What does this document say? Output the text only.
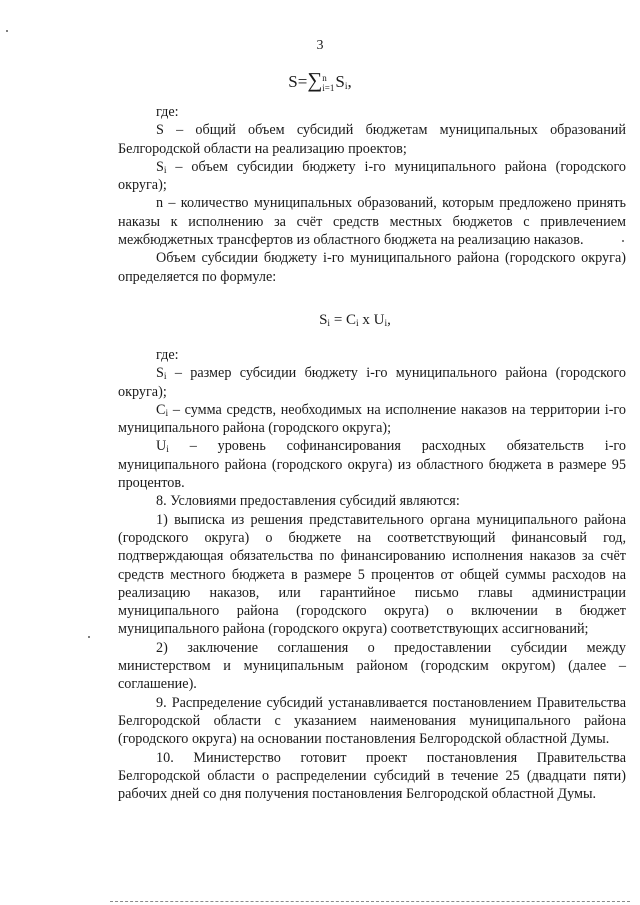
3
S=∑n
$i=1S_i$,

где:

S – общий объем субсидий бюджетам муниципальных образований Белгородской области на реализацию проектов;

$S_i$ – объем субсидии бюджету i-го муниципального района (городского округа);

n – количество муниципальных образований, которым предложено принять наказы к исполнению за счёт средств местных бюджетов с привлечением межбюджетных трансфертов из областного бюджета на реализацию наказов.

Объем субсидии бюджету i-го муниципального района (городского округа) определяется по формуле:

$S_i = C_i$ x $U_i$,

где:

$S_i$ – размер субсидии бюджету i-го муниципального района (городского округа);

$C_i$ – сумма средств, необходимых на исполнение наказов на территории i-го муниципального района (городского округа);

$U_i$ – уровень софинансирования расходных обязательств i-го муниципального района (городского округа) из областного бюджета в размере 95 процентов.

8. Условиями предоставления субсидий являются:

1) выписка из решения представительного органа муниципального района (городского округа) о бюджете на соответствующий финансовый год, подтверждающая обязательства по финансированию исполнения наказов за счёт средств местного бюджета в размере 5 процентов от общей суммы расходов на реализацию наказов, или гарантийное письмо главы администрации муниципального района (городского округа) о включении в бюджет муниципального района (городского округа) соответствующих ассигнований;

2) заключение соглашения о предоставлении субсидии между министерством и муниципальным районом (городским округом) (далее – соглашение).

9. Распределение субсидий устанавливается постановлением Правительства Белгородской области с указанием наименования муниципального района (городского округа) на основании постановления Белгородской областной Думы.

10. Министерство готовит проект постановления Правительства Белгородской области о распределении субсидий в течение 25 (двадцати пяти) рабочих дней со дня получения постановления Белгородской областной Думы.
